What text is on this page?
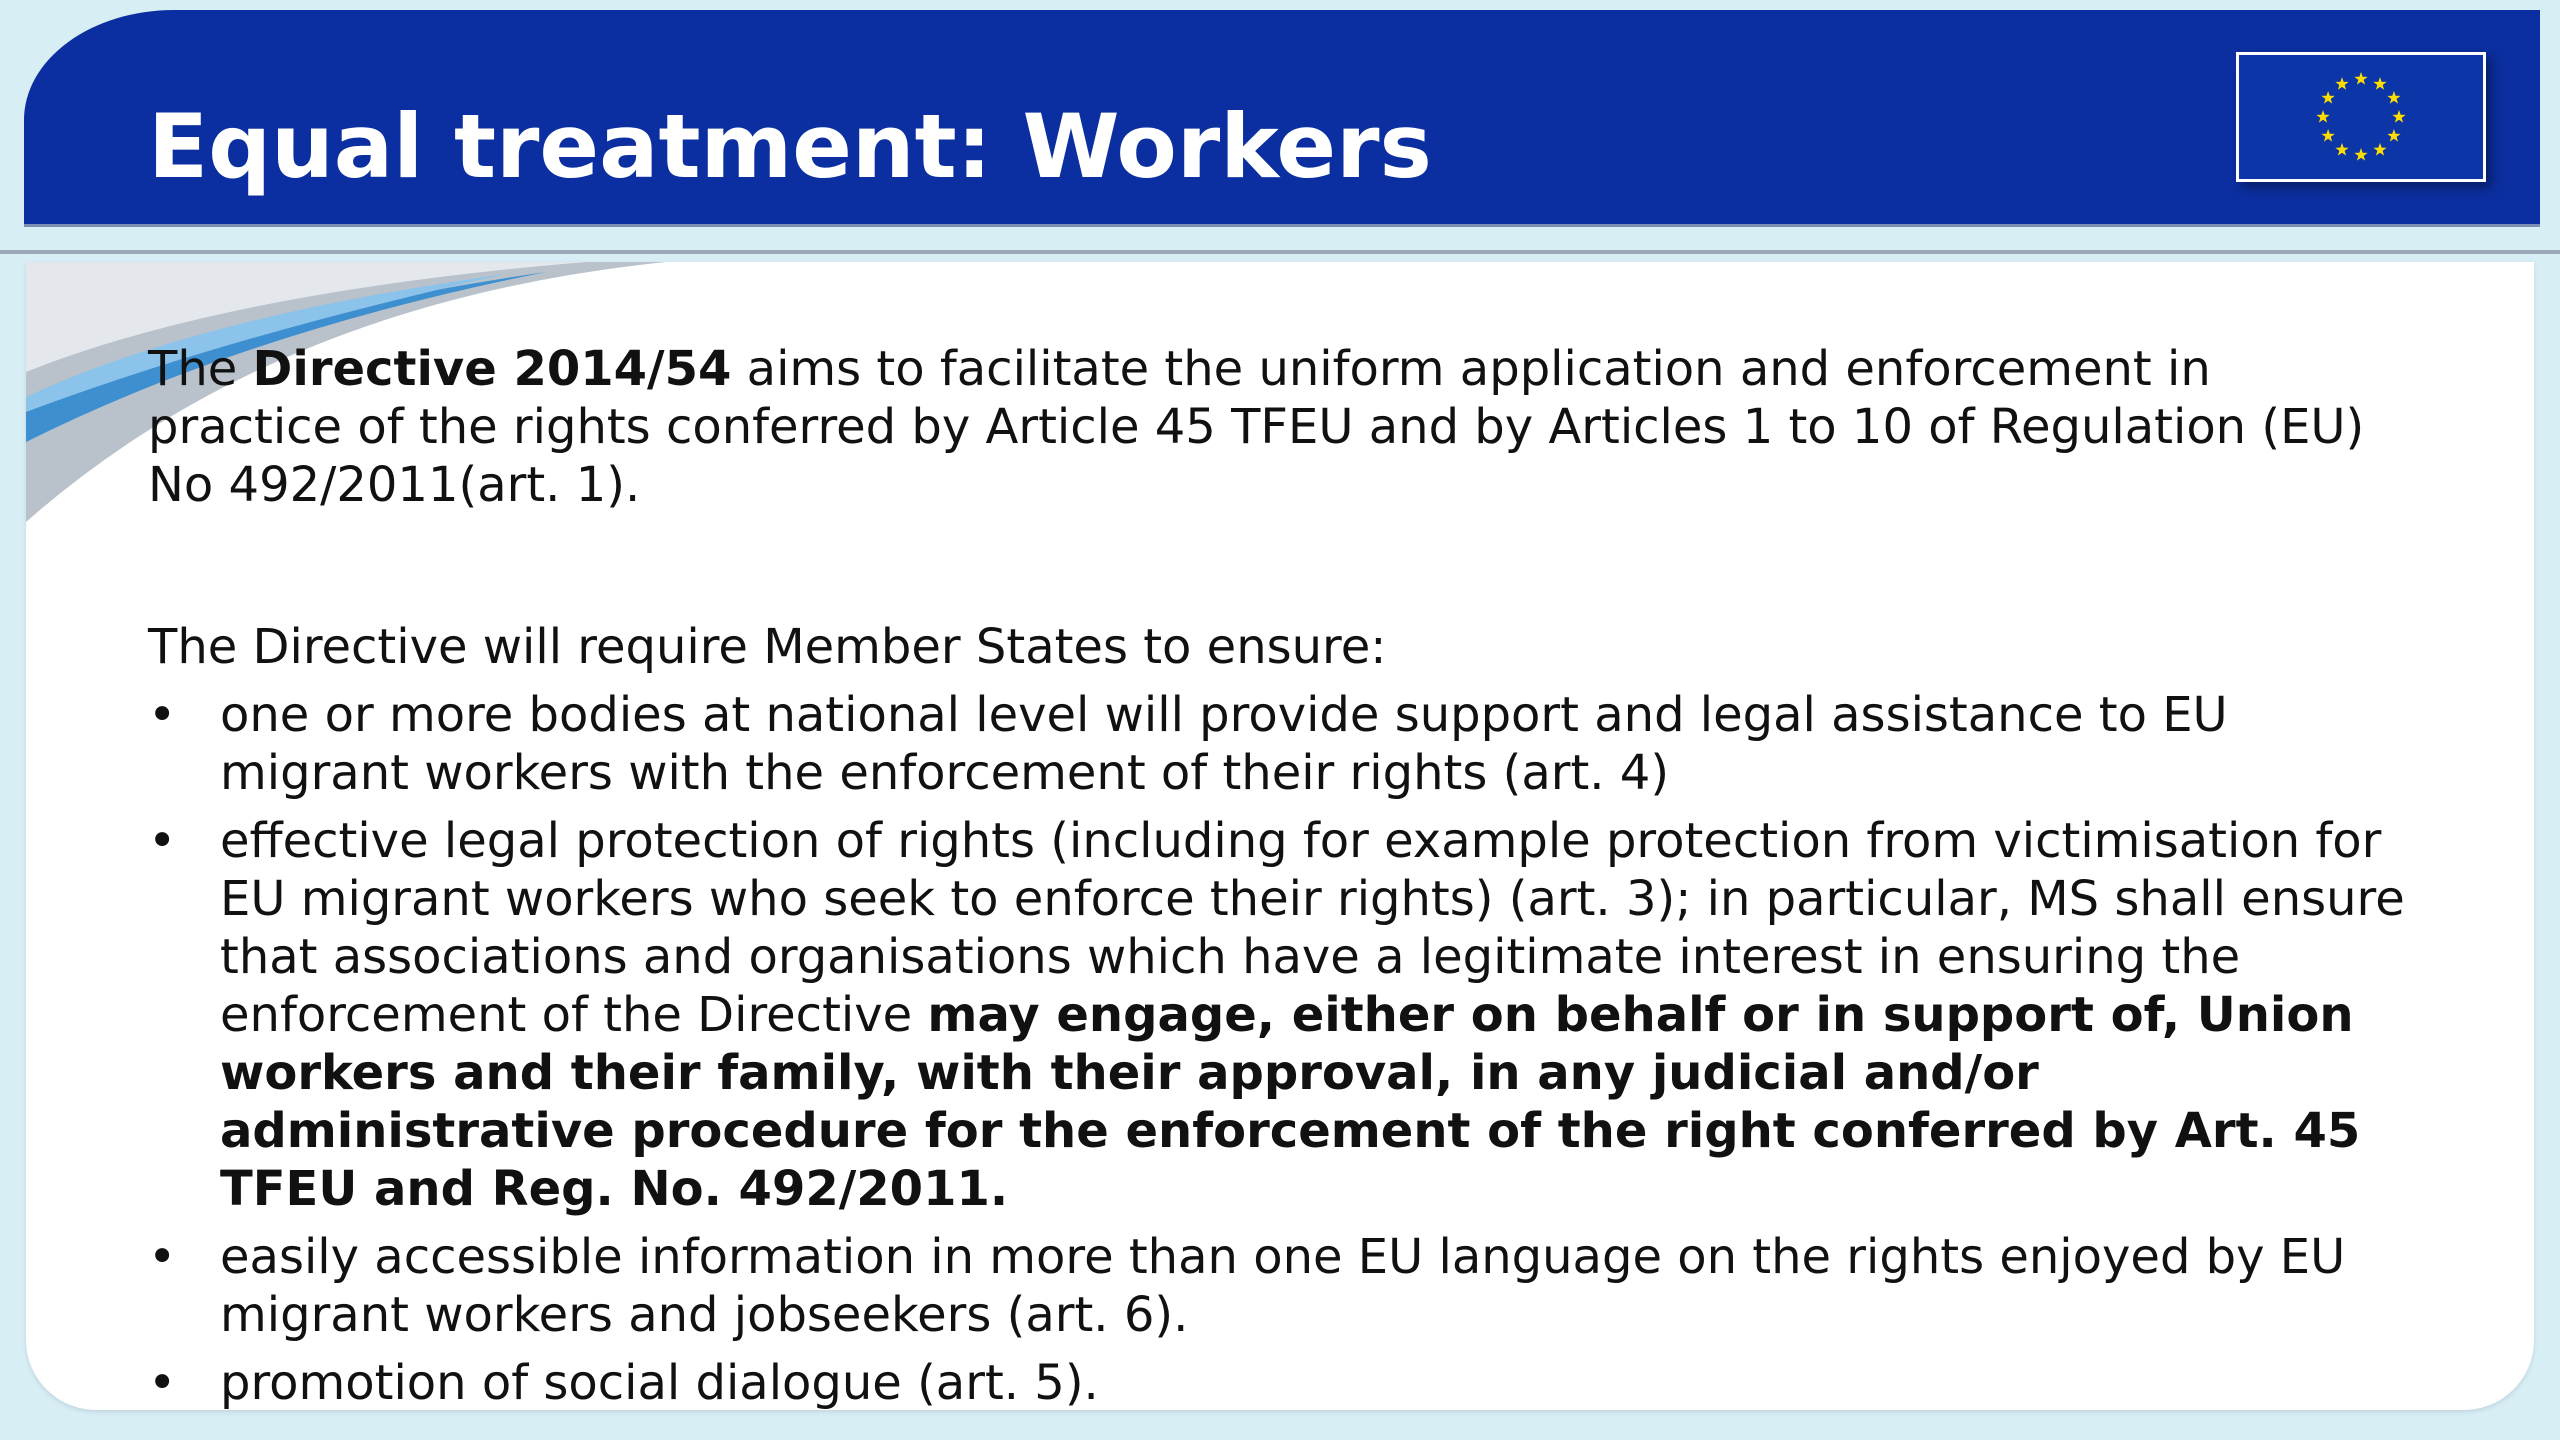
Equal treatment: Workers

The Directive 2014/54 aims to facilitate the uniform application and enforcement in practice of the rights conferred by Article 45 TFEU and by Articles 1 to 10 of Regulation (EU) No 492/2011(art. 1).

The Directive will require Member States to ensure:

• one or more bodies at national level will provide support and legal assistance to EU migrant workers with the enforcement of their rights (art. 4)
• effective legal protection of rights (including for example protection from victimisation for EU migrant workers who seek to enforce their rights) (art. 3); in particular, MS shall ensure that associations and organisations which have a legitimate interest in ensuring the enforcement of the Directive may engage, either on behalf or in support of, Union workers and their family, with their approval, in any judicial and/or administrative procedure for the enforcement of the right conferred by Art. 45 TFEU and Reg. No. 492/2011.
• easily accessible information in more than one EU language on the rights enjoyed by EU migrant workers and jobseekers (art. 6).
• promotion of social dialogue (art. 5).
